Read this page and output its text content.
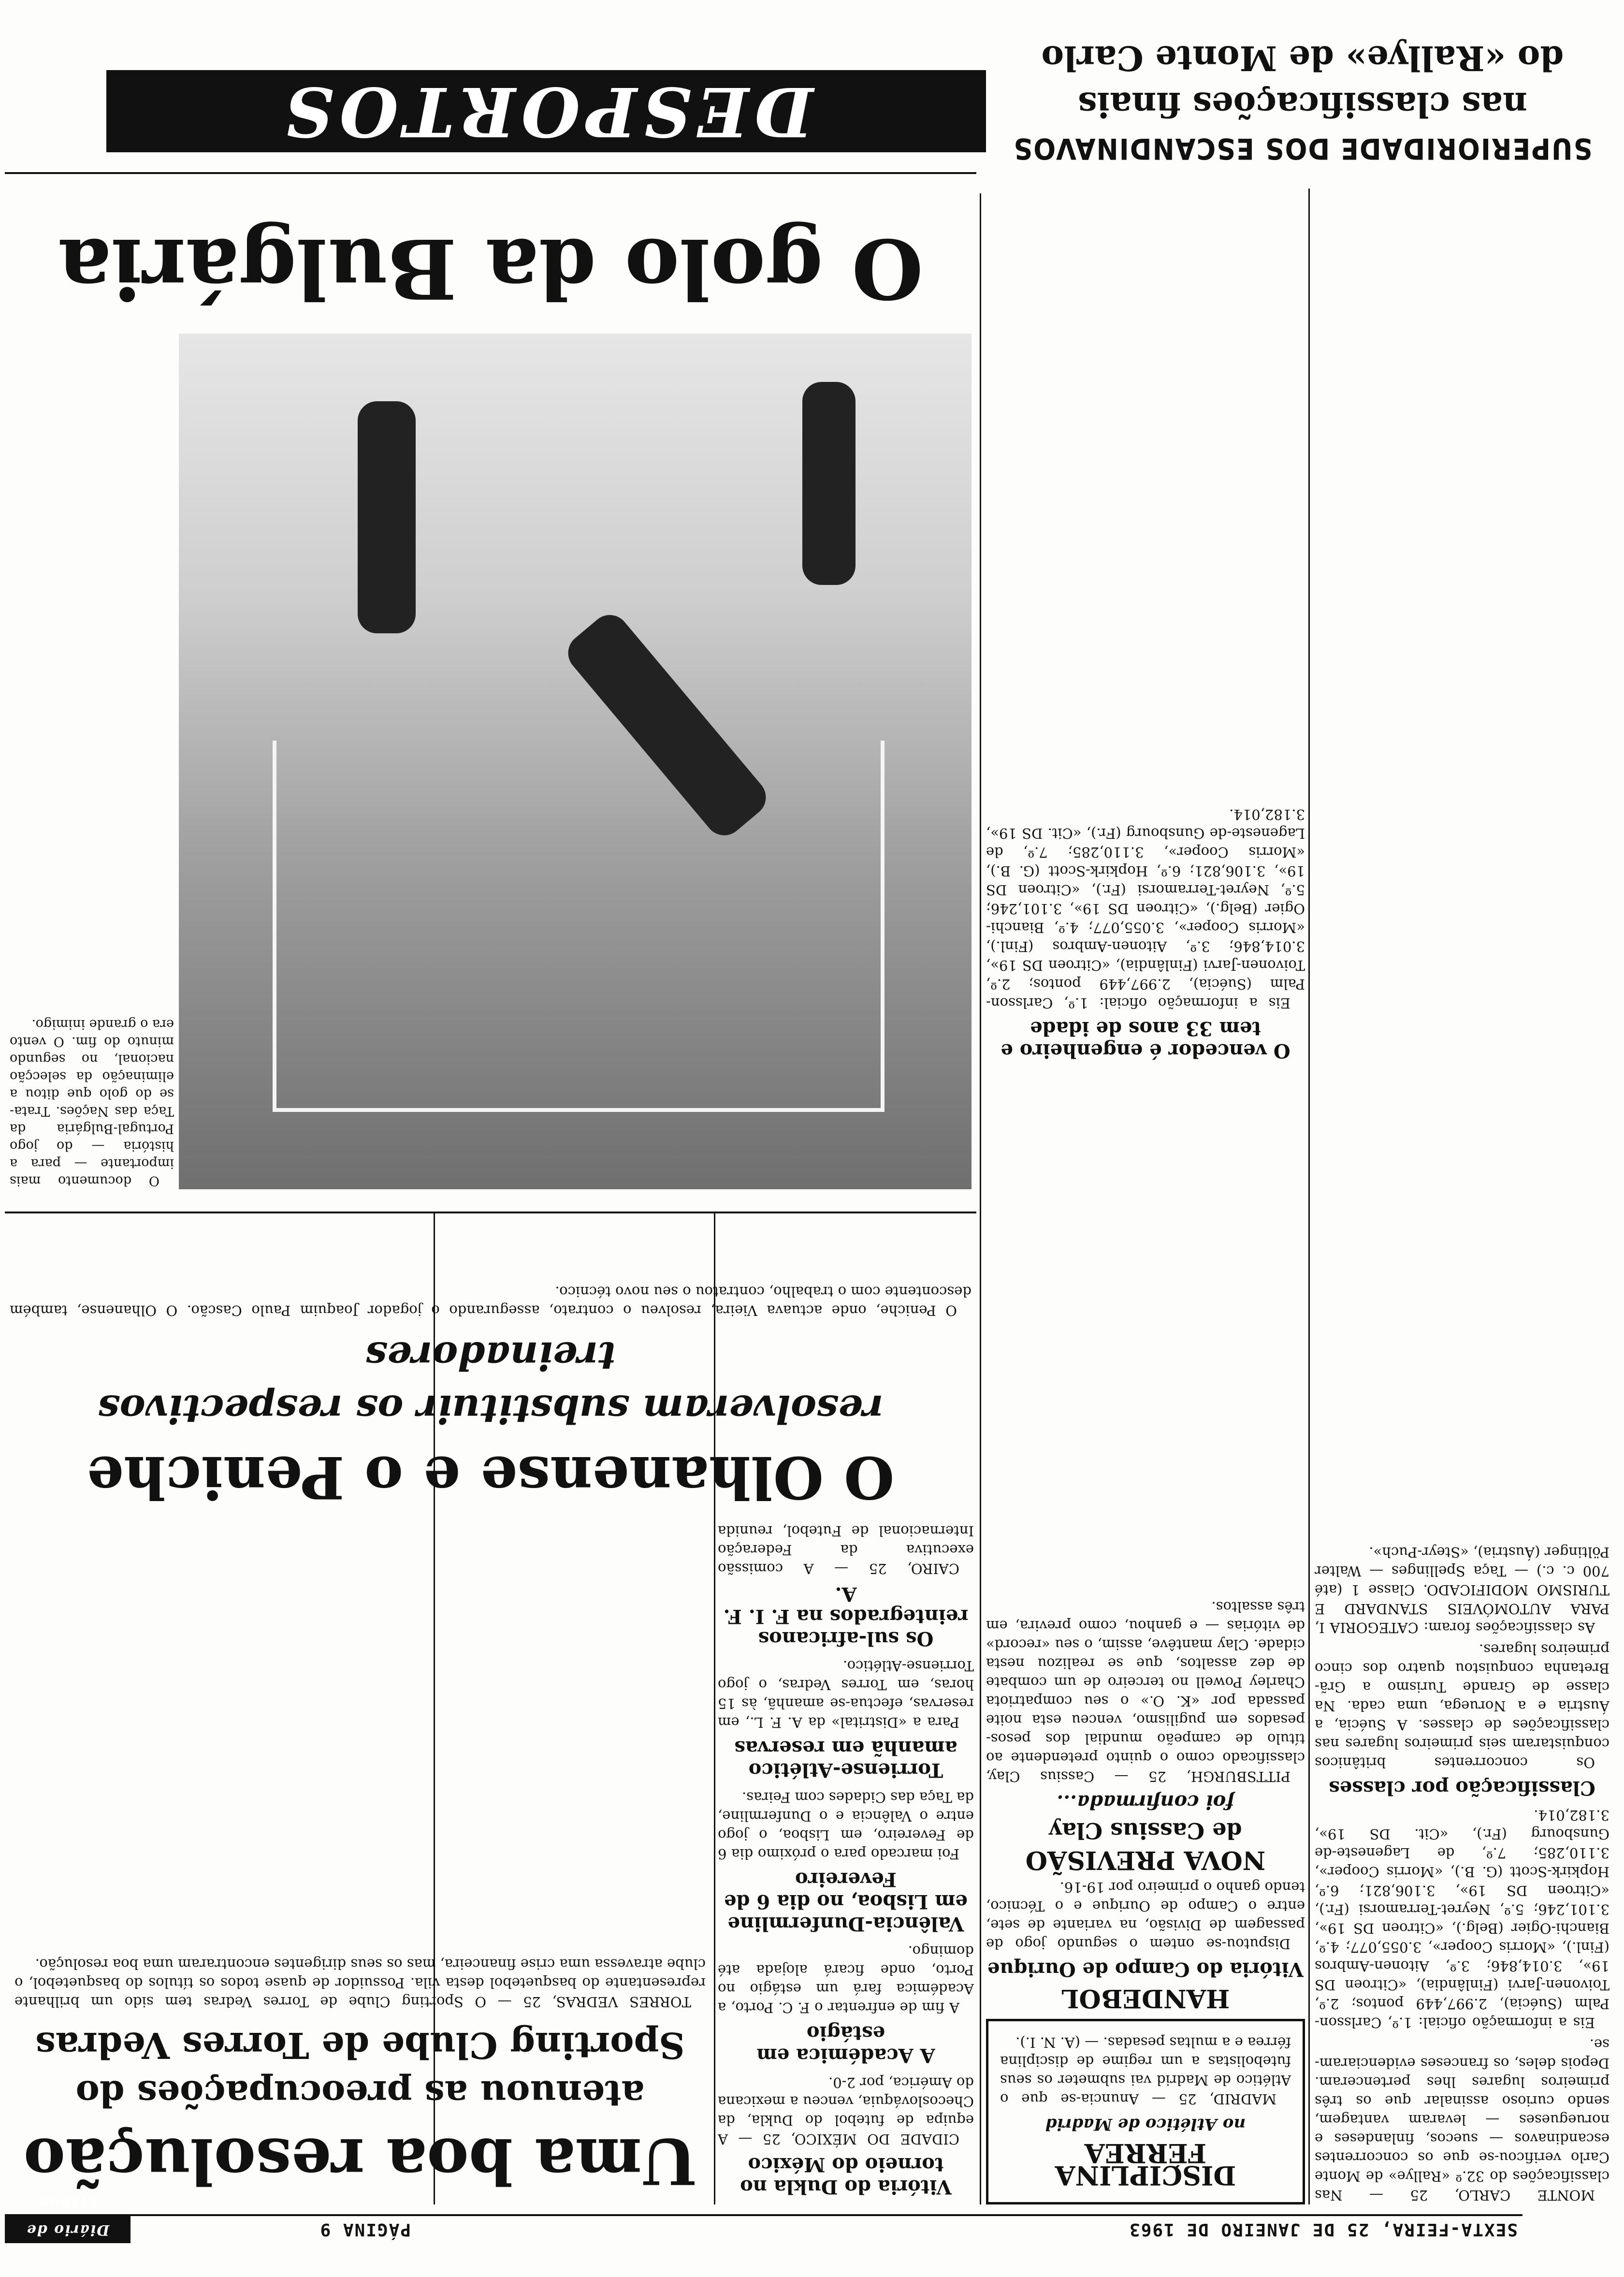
SEXTA-FEIRA, 25 DE JANEIRO DE 1963
PÁGINA 9
Diário de Lisboa
DESPORTOS	SUPERIORIDADE DOS ESCANDINAVOS
nas classificações finais
do «Rallye» de Monte Carlo
O golo da Bulgária

O documento mais importante — para a história — do jogo Portugal-Bulgária da Taça das Nações. Trata-se do golo que ditou a eliminação da selecção nacional, no segundo minuto do fim. O vento era o grande inimigo.

MONTE CARLO, 25 — Nas classificações do 32.º «Rallye» de Monte Carlo verificou-se que os concorrentes escandinavos — suecos, finlandeses e noruegueses — levaram vantagem, sendo curioso assinalar que os três primeiros lugares lhes pertenceram. Depois deles, os franceses evidenciaram-se.

Eis a informação oficial: 1.º, Carlsson-Palm (Suécia), 2.997,449 pontos; 2.º, Toivonen-Jarvi (Finlândia), «Citroen DS 19», 3.014,846; 3.º, Aitonen-Ambros (Finl.), «Morris Cooper», 3.055,077; 4.º, Bianchi-Ogier (Belg.), «Citroen DS 19», 3.101,246; 5.º, Neyret-Terramorsi (Fr.), «Citroen DS 19», 3.106,821; 6.º, Hopkirk-Scott (G. B.), «Morris Cooper», 3.110,285; 7.º, de Lageneste-de Gunsbourg (Fr.), «Cit. DS 19», 3.182,014.

Classificação por classes

Os concorrentes britânicos conquistaram seis primeiros lugares nas classificações de classes. A Suécia, a Áustria e a Noruega, uma cada. Na classe de Grande Turismo a Grã-Bretanha conquistou quatro dos cinco primeiros lugares.

As classificações foram: CATEGORIA I, PARA AUTOMÓVEIS STANDARD E TURISMO MODIFICADO. Classe 1 (até 700 c. c.) — Taça Spellinges — Walter Pöltinger (Áustria), «Steyr-Puch».

O vencedor é engenheiro e tem 33 anos de idade

Eis a informação oficial: 1.º, Carlsson-Palm (Suécia), 2.997,449 pontos; 2.º, Toivonen-Jarvi (Finlândia), «Citroen DS 19», 3.014,846; 3.º, Aitonen-Ambros (Finl.), «Morris Cooper», 3.055,077; 4.º, Bianchi-Ogier (Belg.), «Citroen DS 19», 3.101,246; 5.º, Neyret-Terramorsi (Fr.), «Citroen DS 19», 3.106,821; 6.º, Hopkirk-Scott (G. B.), «Morris Cooper», 3.110,285; 7.º, de Lageneste-de Gunsbourg (Fr.), «Cit. DS 19», 3.182,014.

O Olhanense e o Peniche
resolveram substituir os respectivos treinadores

O Peniche, onde actuava Vieira, resolveu o contrato, assegurando o jogador Joaquim Paulo Cascão. O Olhanense, também descontente com o trabalho, contratou o seu novo técnico.

Uma boa resolução
atenuou as preocupações do Sporting Clube de Torres Vedras

TORRES VEDRAS, 25 — O Sporting Clube de Torres Vedras tem sido um brilhante representante do basquetebol desta vila. Possuidor de quase todos os títulos do basquetebol, o clube atravessa uma crise financeira, mas os seus dirigentes encontraram uma boa resolução.

Vitória do Dukla no torneio do México

CIDADE DO MÉXICO, 25 — A equipa de futebol do Dukla, da Checoslováquia, venceu a mexicana do América, por 2-0.

A Académica em estágio

A fim de enfrentar o F. C. Porto, a Académica fará um estágio no Porto, onde ficará alojada até domingo.

Valência-Dunfermline em Lisboa, no dia 6 de Fevereiro

Foi marcado para o próximo dia 6 de Fevereiro, em Lisboa, o jogo entre o Valência e o Dunfermline, da Taça das Cidades com Feiras.

Torriense-Atlético amanhã em reservas

Para a «Distrital» da A. F. L., em reservas, efectua-se amanhã, às 15 horas, em Torres Vedras, o jogo Torriense-Atlético.

Os sul-africanos reintegrados na F. I. F. A.

CAIRO, 25 — A comissão executiva da Federação Internacional de Futebol, reunida

DISCIPLINA FÉRREA
no Atlético de Madrid

MADRID, 25 — Anuncia-se que o Atlético de Madrid vai submeter os seus futebolistas a um regime de disciplina férrea e a multas pesadas. — (A. N. I.).

HANDEBOL
Vitória do Campo de Ourique

Disputou-se ontem o segundo jogo de passagem de Divisão, na variante de sete, entre o Campo de Ourique e o Técnico, tendo ganho o primeiro por 19-16.

NOVA PREVISÃO
de Cassius Clay
foi confirmada...

PITTSBURGH, 25 — Cassius Clay, classificado como o quinto pretendente ao título de campeão mundial dos pesos-pesados em pugilismo, venceu esta noite passada por «K. O.» o seu compatriota Charley Powell no terceiro de um combate de dez assaltos, que se realizou nesta cidade. Clay mantêve, assim, o seu «record» de vitórias — e ganhou, como previra, em três assaltos.
